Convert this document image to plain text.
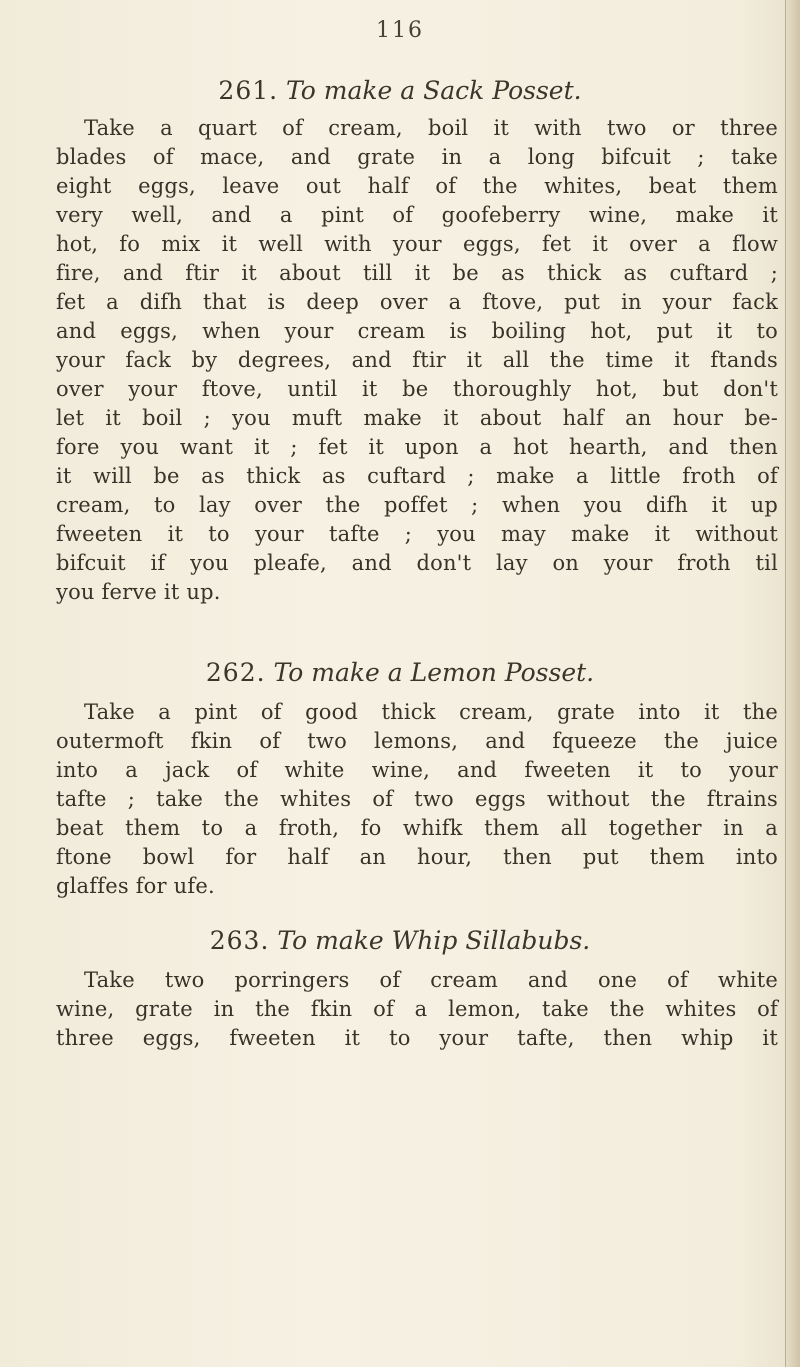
116
261. To make a Sack Posset.
Take a quart of cream, boil it with two or three
blades of mace, and grate in a long bifcuit ; take
eight eggs, leave out half of the whites, beat them
very well, and a pint of goofeberry wine, make it
hot, fo mix it well with your eggs, fet it over a flow
fire, and ftir it about till it be as thick as cuftard ;
fet a difh that is deep over a ftove, put in your fack
and eggs, when your cream is boiling hot, put it to
your fack by degrees, and ftir it all the time it ftands
over your ftove, until it be thoroughly hot, but don't
let it boil ; you muft make it about half an hour be-
fore you want it ; fet it upon a hot hearth, and then
it will be as thick as cuftard ; make a little froth of
cream, to lay over the poffet ; when you difh it up
fweeten it to your tafte ; you may make it without
bifcuit if you pleafe, and don't lay on your froth til
you ferve it up.
262. To make a Lemon Posset.
Take a pint of good thick cream, grate into it the
outermoft fkin of two lemons, and fqueeze the juice
into a jack of white wine, and fweeten it to your
tafte ; take the whites of two eggs without the ftrains
beat them to a froth, fo whifk them all together in a
ftone bowl for half an hour, then put them into
glaffes for ufe.
263. To make Whip Sillabubs.
Take two porringers of cream and one of white
wine, grate in the fkin of a lemon, take the whites of
three eggs, fweeten it to your tafte, then whip it
